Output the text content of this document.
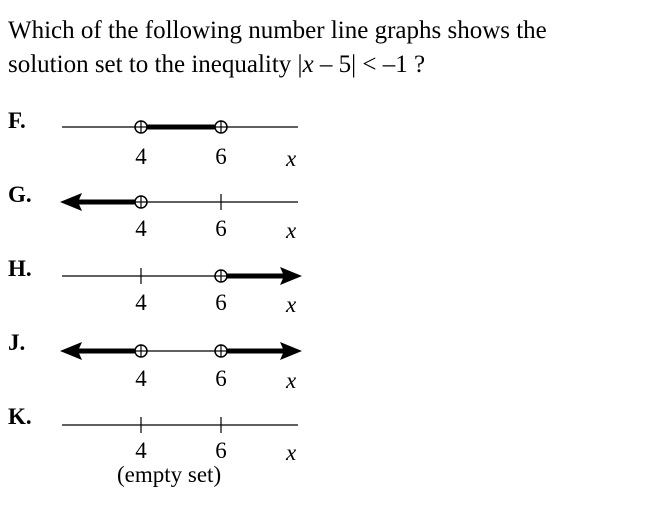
Which of the following number line graphs shows the

solution set to the inequality |x – 5| < –1 ?

F.
G.
H.
J.
K.
4	6	x
4	6	x
4	6	x
4	6	x
4	6	x
(empty set)
